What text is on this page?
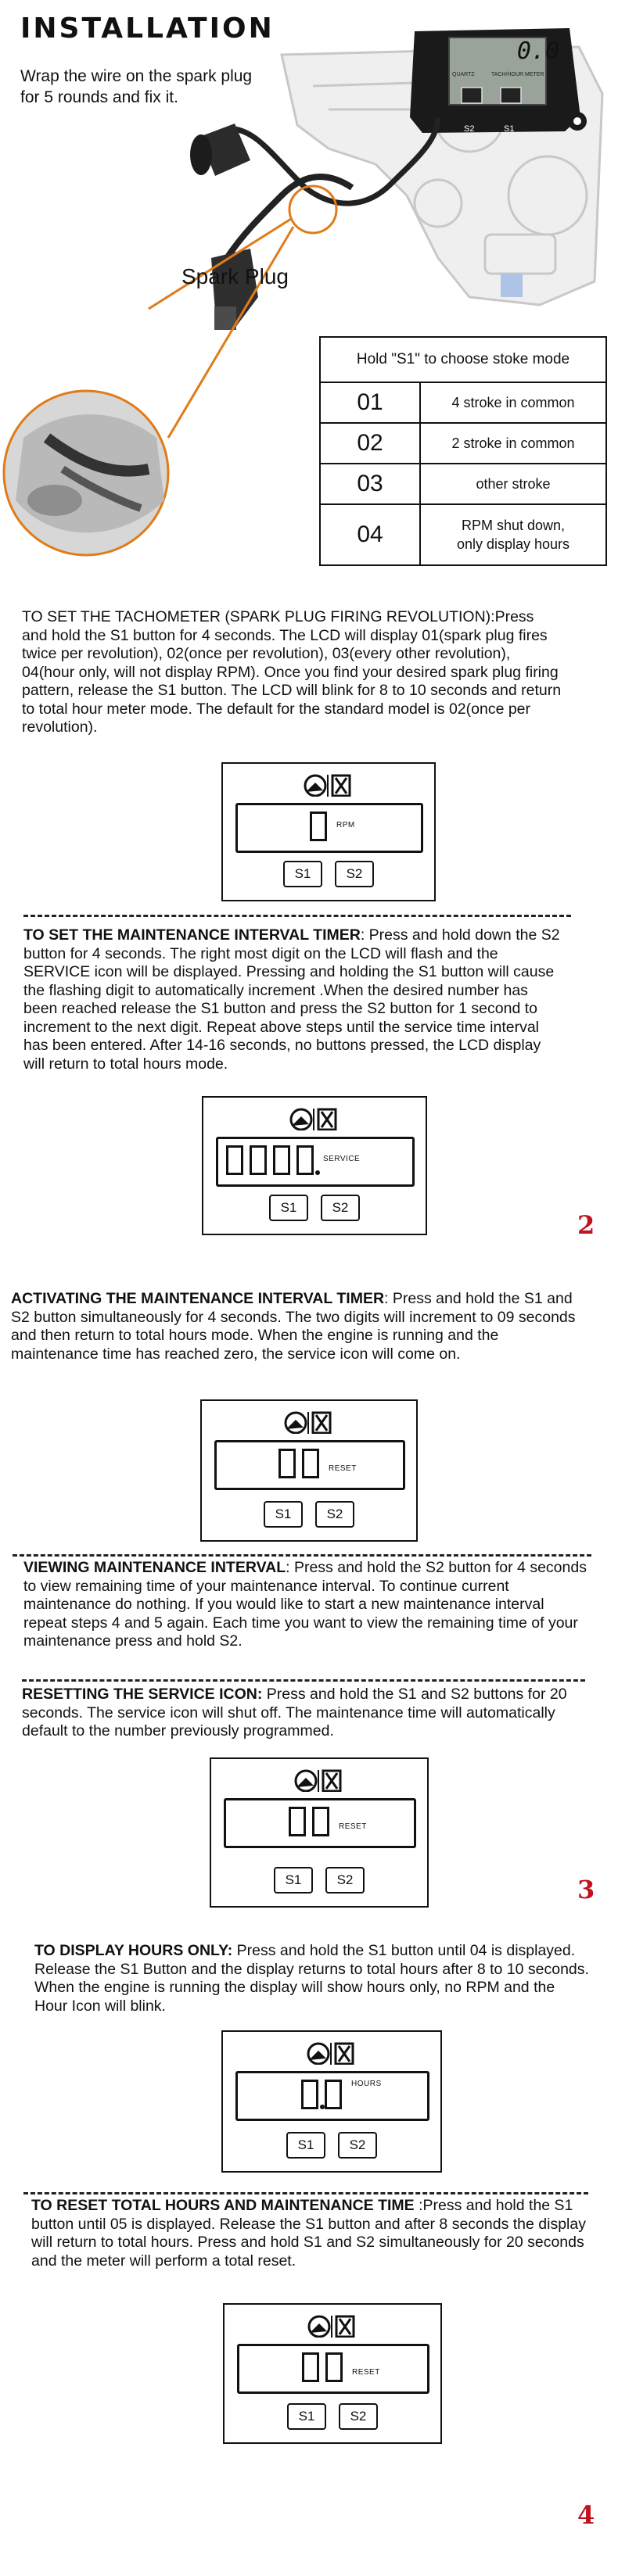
INSTALLATION
Wrap the wire on the spark plug for 5 rounds and fix it.
0.0
QUARTZ	TACH/HOUR METER
S2	S1
Spark Plug
Hold "S1" to choose stoke mode	
01	4 stroke in common
02	2 stroke in common
03	other stroke
04	RPM shut down,
only display hours
TO SET THE TACHOMETER (SPARK PLUG FIRING REVOLUTION):Press and hold the S1 button for 4 seconds. The LCD will display 01(spark plug fires twice per revolution), 02(once per revolution), 03(every other revolution), 04(hour only, will not display RPM). Once you find your desired spark plug firing pattern, release the S1 button. The LCD will blink for 8 to 10 seconds and return to total hour meter mode. The default for the standard model is 02(once per revolution).
RPM
S1	S2
TO SET THE MAINTENANCE INTERVAL TIMER: Press and hold down the S2 button for 4 seconds. The right most digit on the LCD will flash and the SERVICE icon will be displayed. Pressing and holding the S1 button will cause the flashing digit to automatically increment .When the desired number has been reached release the S1 button and press the S2 button for 1 second to increment to the next digit. Repeat above steps until the service time interval has been entered. After 14-16 seconds, no buttons pressed, the LCD display will return to total hours mode.
SERVICE
S1	S2
2
ACTIVATING THE MAINTENANCE INTERVAL TIMER: Press and hold the S1 and S2 button simultaneously for 4 seconds. The two digits will increment to 09 seconds and then return to total hours mode. When the engine is running and the maintenance time has reached zero, the service icon will come on.
RESET
S1	S2
VIEWING MAINTENANCE INTERVAL: Press and hold the S2 button for 4 seconds to view remaining time of your maintenance interval. To continue current maintenance do nothing. If you would like to start a new maintenance interval repeat steps 4 and 5 again. Each time you want to view the remaining time of your maintenance press and hold S2.
RESETTING THE SERVICE ICON: Press and hold the S1 and S2 buttons for 20 seconds. The service icon will shut off. The maintenance time will automatically default to the number previously programmed.
RESET
S1	S2	3
TO DISPLAY HOURS ONLY: Press and hold the S1 button until 04 is displayed. Release the S1 Button and the display returns to total hours after 8 to 10 seconds. When the engine is running the display will show hours only, no RPM and the Hour Icon will blink.
HOURS
S1	S2
TO RESET TOTAL HOURS AND MAINTENANCE TIME :Press and hold the S1 button until 05 is displayed. Release the S1 button and after 8 seconds the display will return to total hours. Press and hold S1 and S2 simultaneously for 20 seconds and the meter will perform a total reset.
RESET
S1	S2
4
